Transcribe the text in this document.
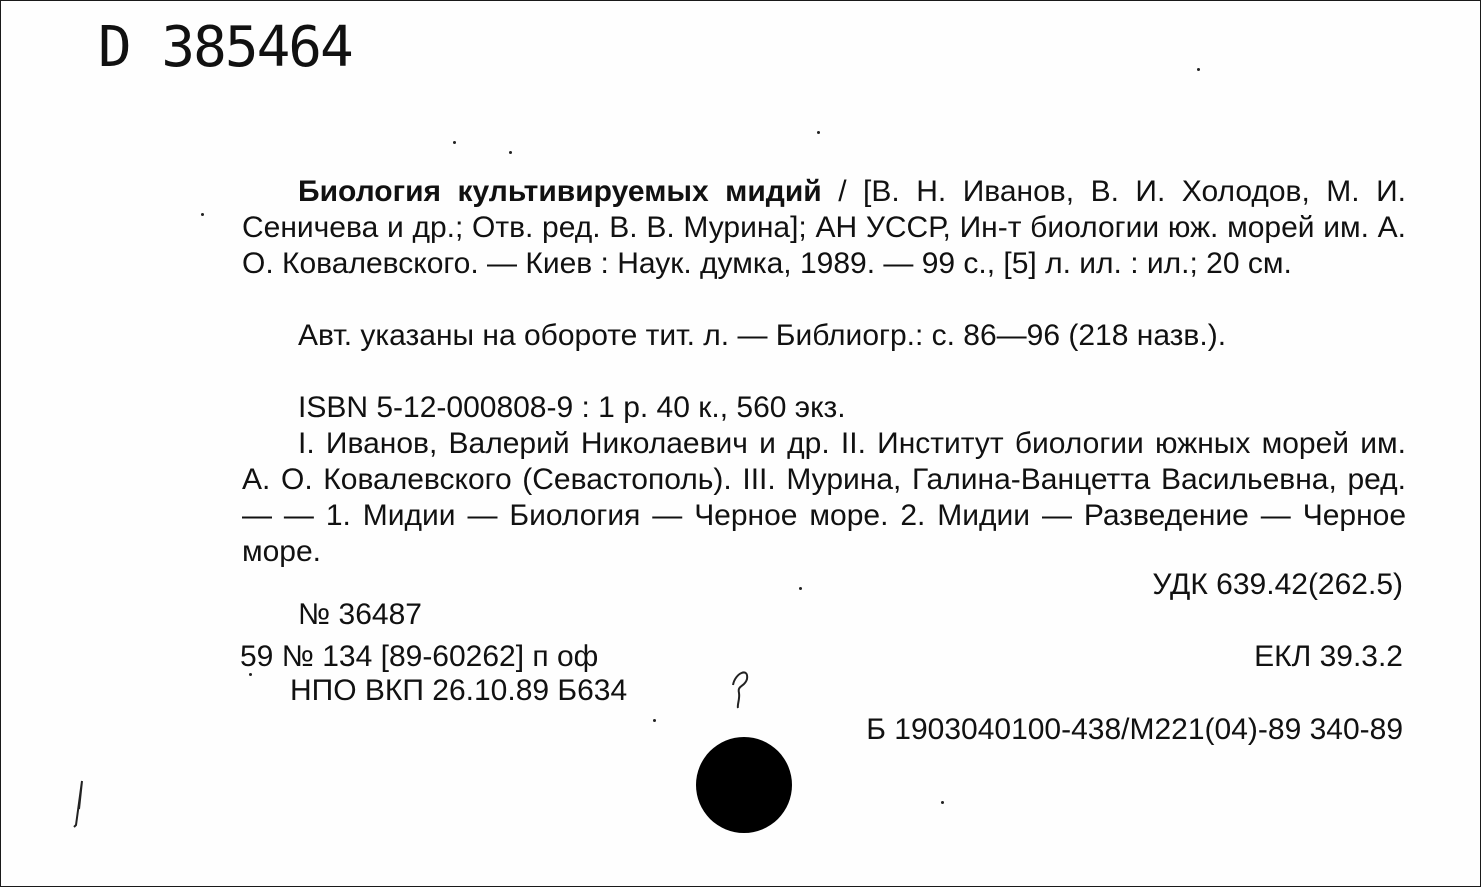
D 385464
Биология культивируемых мидий / [В. Н. Иванов, В. И. Холодов, М. И. Сеничева и др.; Отв. ред. В. В. Мурина]; АН УССР, Ин-т биологии юж. морей им. А. О. Ковалевского. — Киев : Наук. думка, 1989. — 99 с., [5] л. ил. : ил.; 20 см.
Авт. указаны на обороте тит. л. — Библиогр.: с. 86—96 (218 назв.).
ISBN 5-12-000808-9 : 1 р. 40 к., 560 экз.
I. Иванов, Валерий Николаевич и др. II. Институт биологии южных морей им. А. О. Ковалевского (Севастополь). III. Мурина, Галина-Ванцетта Васильевна, ред. — — 1. Мидии — Биология — Черное море. 2. Мидии — Разведение — Черное море.
УДК 639.42(262.5)
№ 36487
59 № 134 [89-60262] п оф	ЕКЛ 39.3.2
НПО ВКП 26.10.89 Б634
Б 1903040100-438/М221(04)-89 340-89
